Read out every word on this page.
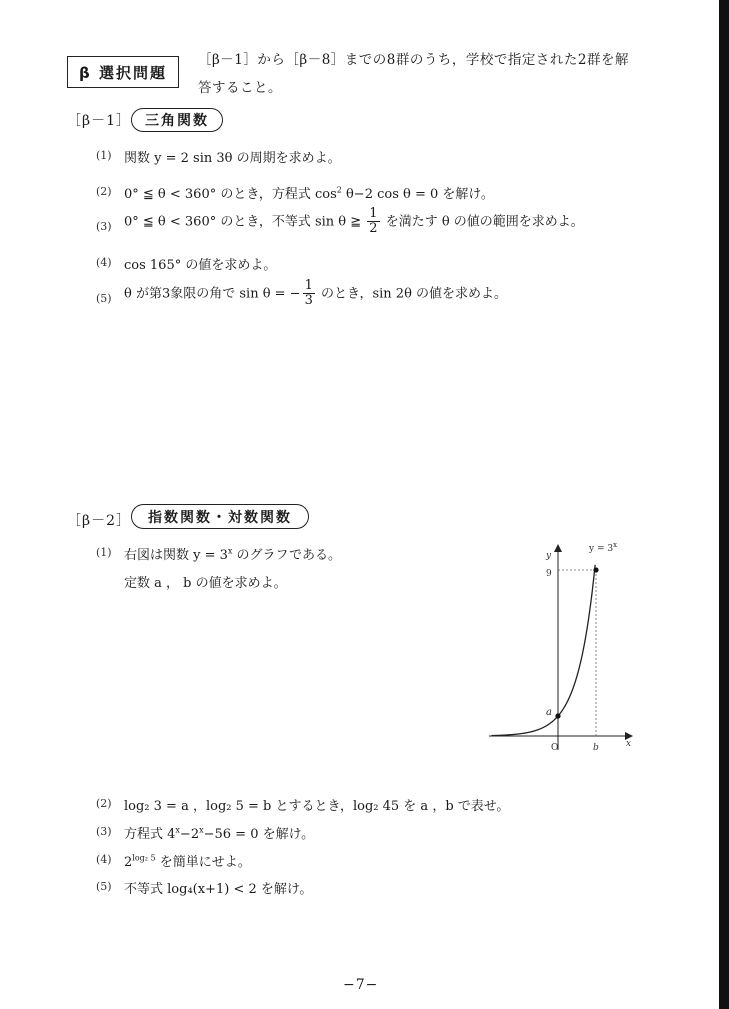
β 選択問題
［β－1］から［β－8］までの8群のうち，学校で指定された2群を解
答すること。
［β－1］ 三角関数
(1) 関数 y = 2 sin 3θ の周期を求めよ。
(2) 0° ≦ θ < 360° のとき，方程式 $\cos^2 \theta-2$ cos θ = 0 を解け。
(3) 0° ≦ θ < 360° のとき，不等式 sin θ ≧ $\frac{1}{2}$ を満たす θ の値の範囲を求めよ。
(4) cos 165° の値を求めよ。
(5) θ が第3象限の角で sin θ = − $\frac{1}{3}$ のとき，sin 2θ の値を求めよ。
［β－2］ 指数関数・対数関数
(1) 右図は関数 $y = 3^x$ のグラフである。
定数 a ， b の値を求めよ。
$y = 3^x$
y
9
a
O	b	x
(2) log₂ 3 = a ，log₂ 5 = b とするとき，log₂ 45 を a ，b で表せ。
(3) 方程式 $4^x-2^x-56 = 0$ を解け。
(4) $2^{log_2 5}$ を簡単にせよ。
(5) 不等式 log₄(x+1) < 2 を解け。
−7−
